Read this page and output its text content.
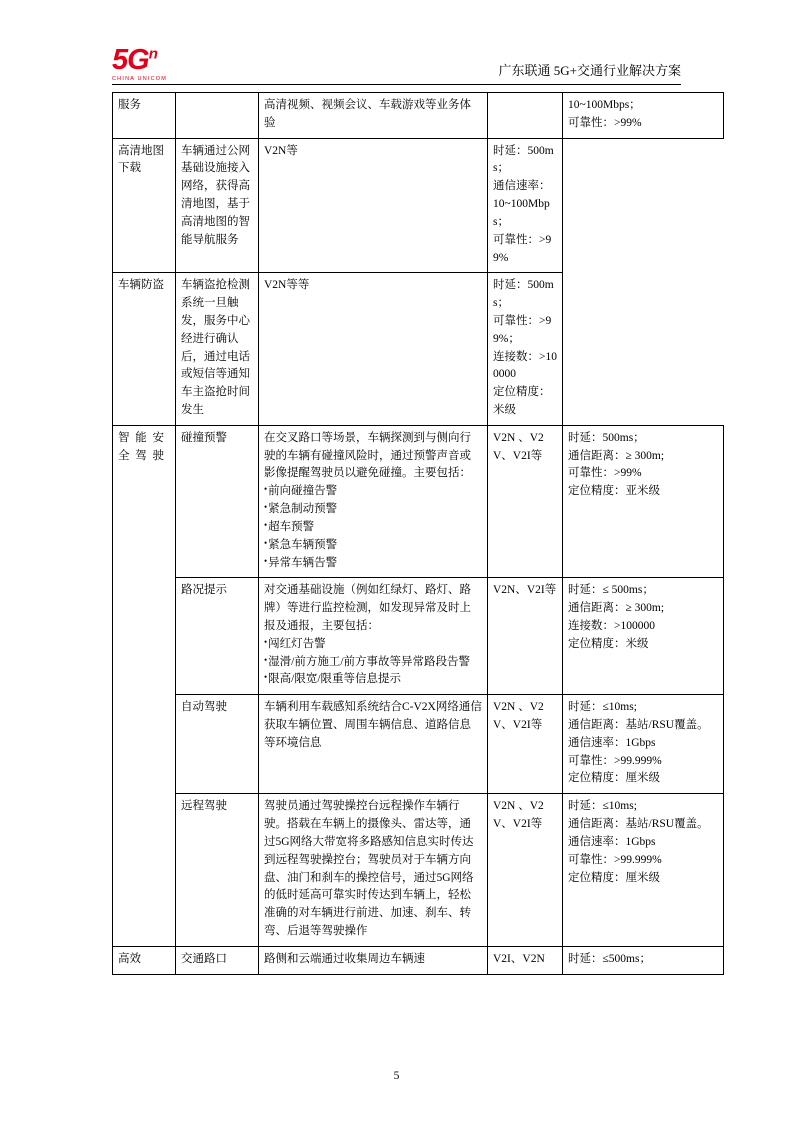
$5G^n$
CHINA UNICOM
广东联通 5G+交通行业解决方案
服务		高清视频、视频会议、车载游戏等业务体验		10~100Mbps；
可靠性：>99%

高清地图下载	车辆通过公网基础设施接入网络，获得高清地图，基于高清地图的智能导航服务	V2N等	时延：500ms；
通信速率：
10~100Mbps；
可靠性：>99%	

车辆防盗	车辆盗抢检测系统一旦触发，服务中心经进行确认后，通过电话或短信等通知车主盗抢时间发生	V2N等等	时延：500ms；
可靠性：>99%；
连接数：>100000
定位精度：米级	

智能安全驾驶	碰撞预警	在交叉路口等场景，车辆探测到与侧向行驶的车辆有碰撞风险时，通过预警声音或影像提醒驾驶员以避免碰撞。主要包括：
• 前向碰撞告警
• 紧急制动预警
• 超车预警
• 紧急车辆预警
• 异常车辆告警
	V2N 、V2V、V2I等	
时延：500ms；
通信距离：≥ 300m;
可靠性：>99%
定位精度：亚米级

	路况提示	对交通基础设施（例如红绿灯、路灯、路牌）等进行监控检测，如发现异常及时上报及通报，主要包括：
• 闯红灯告警
• 湿滑/前方施工/前方事故等异常路段告警
• 限高/限宽/限重等信息提示	V2N、V2I等	时延：≤ 500ms；
通信距离：≥ 300m;
连接数：>100000
定位精度：米级

	自动驾驶	车辆利用车载感知系统结合C-V2X网络通信获取车辆位置、周围车辆信息、道路信息等环境信息	V2N 、V2V、V2I等	时延：≤10ms;
通信距离：基站/RSU覆盖。
通信速率：1Gbps
可靠性：>99.999%
定位精度：厘米级

	远程驾驶	驾驶员通过驾驶操控台远程操作车辆行驶。搭载在车辆上的摄像头、雷达等，通过5G网络大带宽将多路感知信息实时传达到远程驾驶操控台；驾驶员对于车辆方向盘、油门和刹车的操控信号，通过5G网络的低时延高可靠实时传达到车辆上，轻松准确的对车辆进行前进、加速、刹车、转弯、后退等驾驶操作	V2N 、V2V、V2I等	时延：≤10ms;
通信距离：基站/RSU覆盖。
通信速率：1Gbps
可靠性：>99.999%
定位精度：厘米级

高效	交通路口	路侧和云端通过收集周边车辆速	V2I、V2N	时延：≤500ms；
5
